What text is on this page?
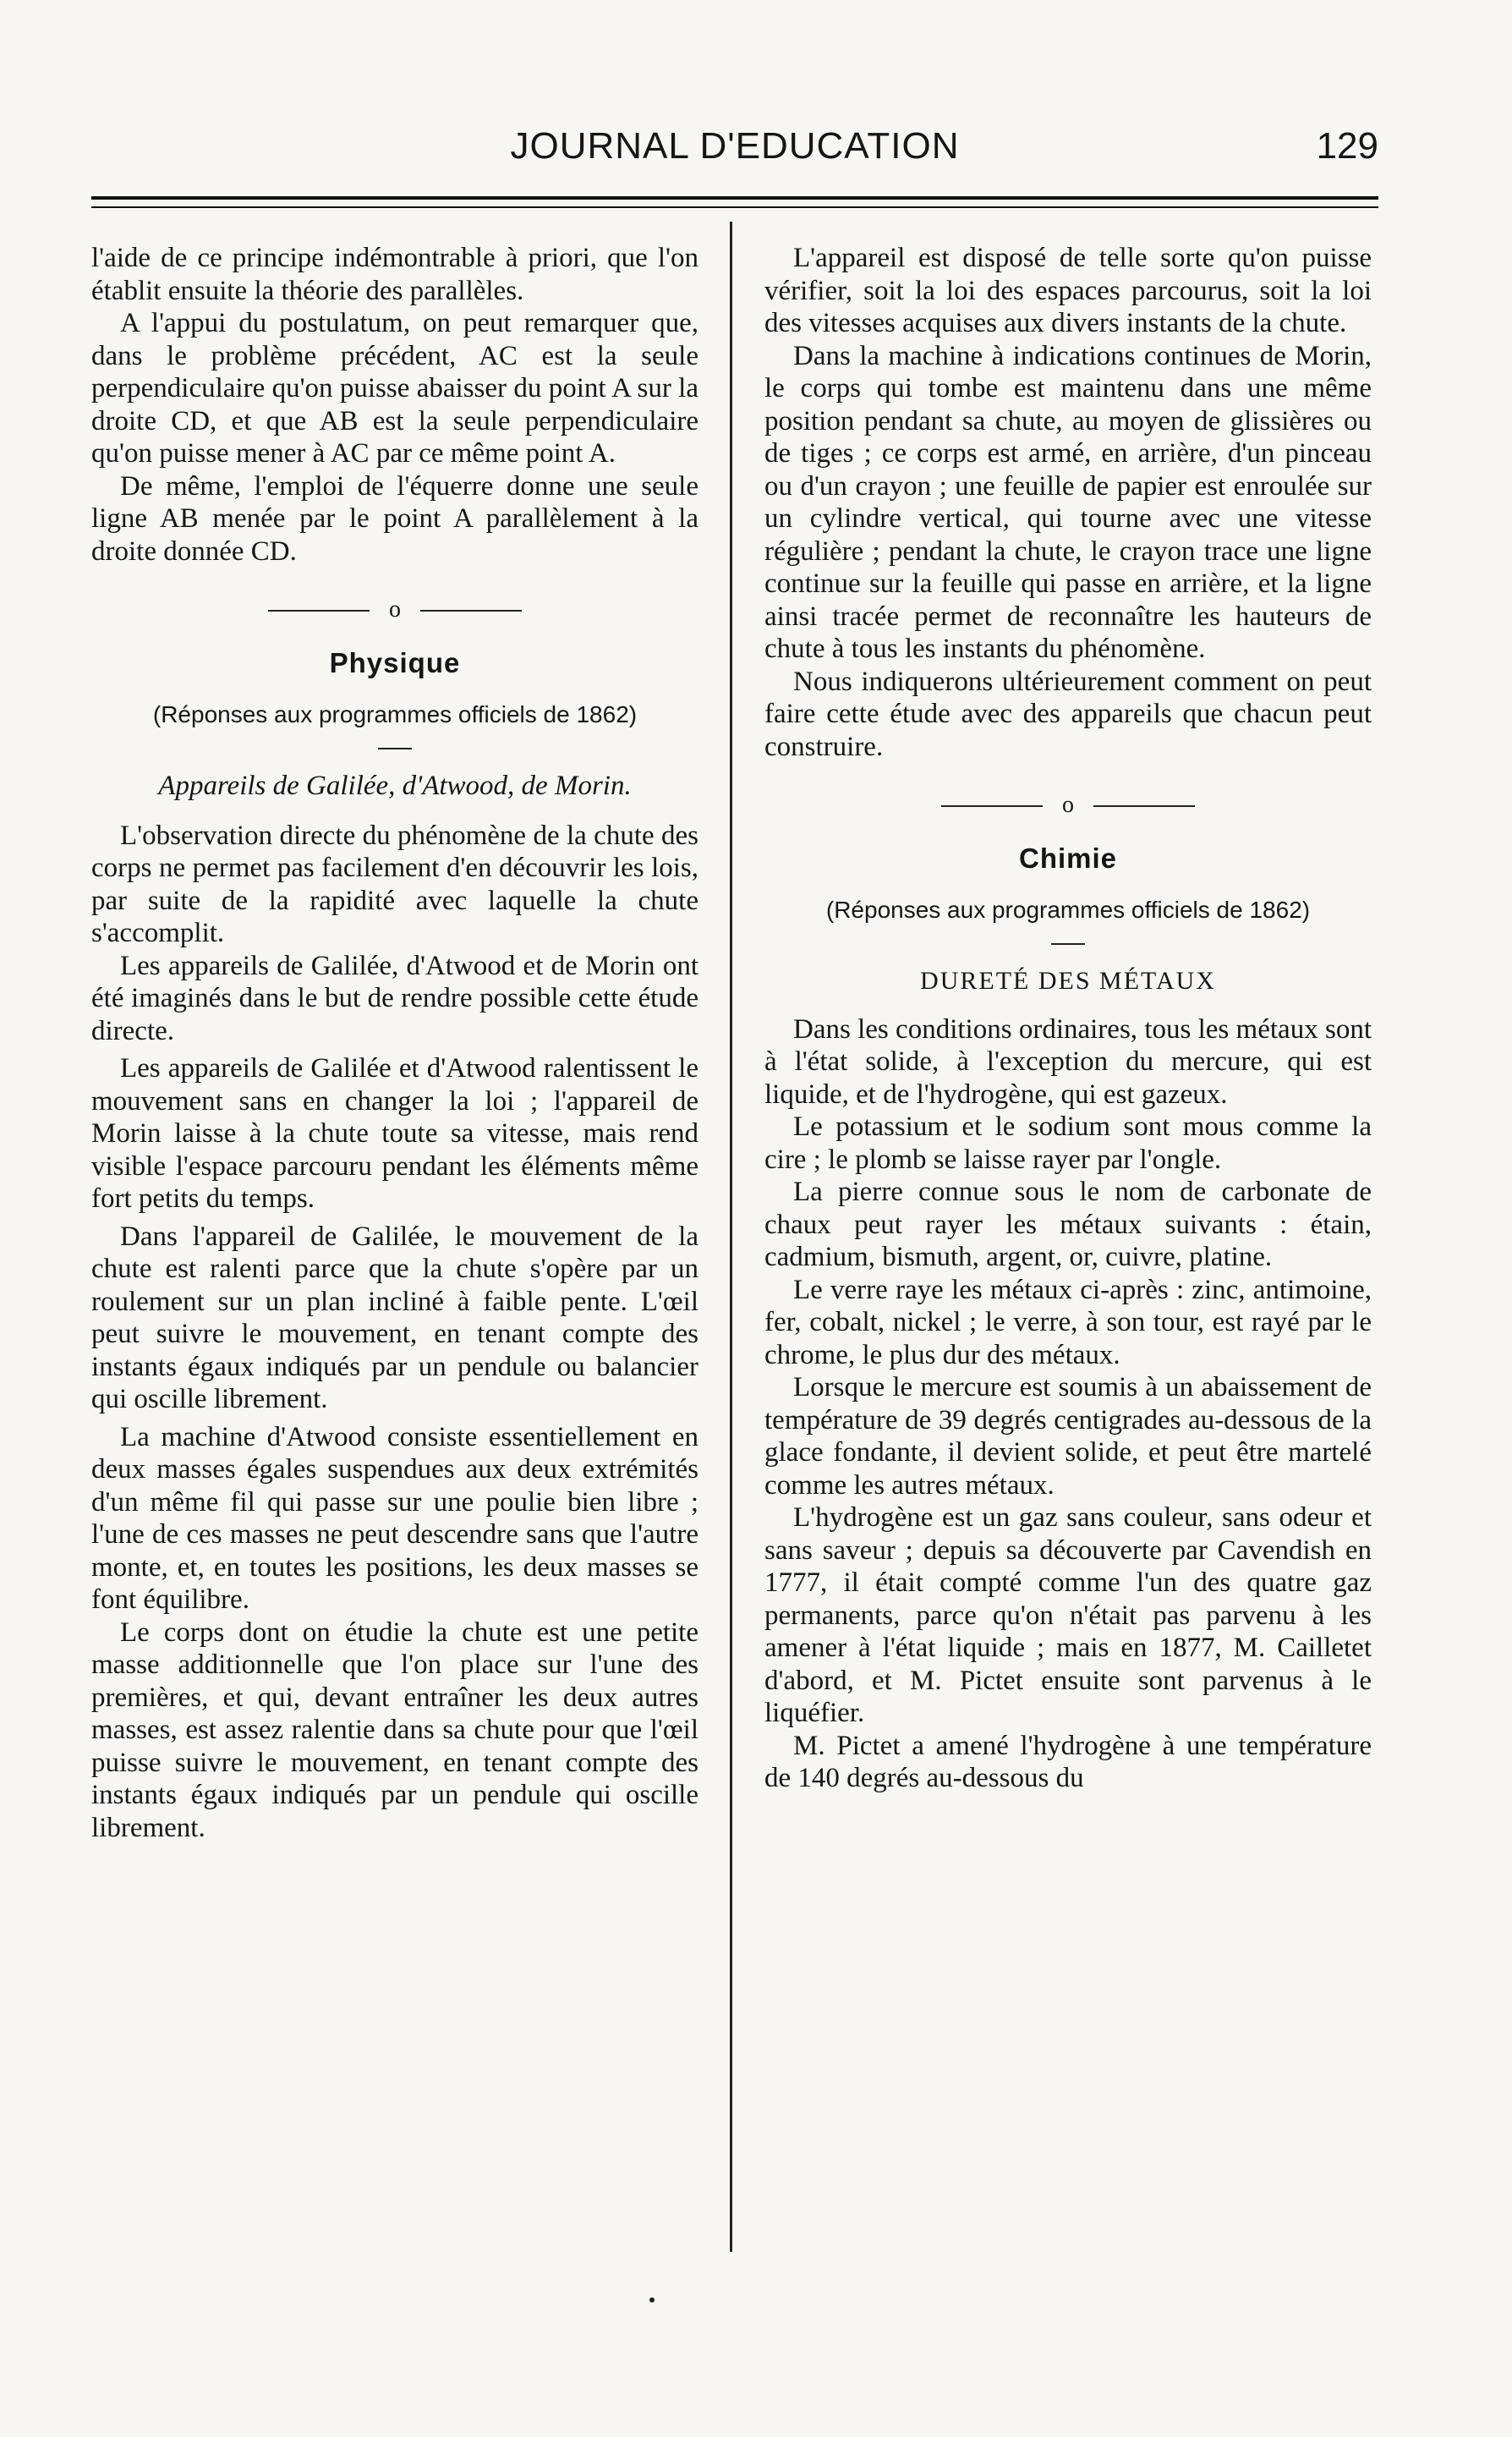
JOURNAL D'EDUCATION	129

l'aide de ce principe indémontrable à priori, que l'on établit ensuite la théorie des parallèles.

A l'appui du postulatum, on peut remarquer que, dans le problème précédent, AC est la seule perpendiculaire qu'on puisse abaisser du point A sur la droite CD, et que AB est la seule perpendiculaire qu'on puisse mener à AC par ce même point A.

De même, l'emploi de l'équerre donne une seule ligne AB menée par le point A parallèlement à la droite donnée CD.

o
Physique
(Réponses aux programmes officiels de 1862)
Appareils de Galilée, d'Atwood, de Morin.

L'observation directe du phénomène de la chute des corps ne permet pas facilement d'en découvrir les lois, par suite de la rapidité avec laquelle la chute s'accomplit.

Les appareils de Galilée, d'Atwood et de Morin ont été imaginés dans le but de rendre possible cette étude directe.

Les appareils de Galilée et d'Atwood ralentissent le mouvement sans en changer la loi ; l'appareil de Morin laisse à la chute toute sa vitesse, mais rend visible l'espace parcouru pendant les éléments même fort petits du temps.

Dans l'appareil de Galilée, le mouvement de la chute est ralenti parce que la chute s'opère par un roulement sur un plan incliné à faible pente. L'œil peut suivre le mouvement, en tenant compte des instants égaux indiqués par un pendule ou balancier qui oscille librement.

La machine d'Atwood consiste essentiellement en deux masses égales suspendues aux deux extrémités d'un même fil qui passe sur une poulie bien libre ; l'une de ces masses ne peut descendre sans que l'autre monte, et, en toutes les positions, les deux masses se font équilibre.

Le corps dont on étudie la chute est une petite masse additionnelle que l'on place sur l'une des premières, et qui, devant entraîner les deux autres masses, est assez ralentie dans sa chute pour que l'œil puisse suivre le mouvement, en tenant compte des instants égaux indiqués par un pendule qui oscille librement.

L'appareil est disposé de telle sorte qu'on puisse vérifier, soit la loi des espaces parcourus, soit la loi des vitesses acquises aux divers instants de la chute.

Dans la machine à indications continues de Morin, le corps qui tombe est maintenu dans une même position pendant sa chute, au moyen de glissières ou de tiges ; ce corps est armé, en arrière, d'un pinceau ou d'un crayon ; une feuille de papier est enroulée sur un cylindre vertical, qui tourne avec une vitesse régulière ; pendant la chute, le crayon trace une ligne continue sur la feuille qui passe en arrière, et la ligne ainsi tracée permet de reconnaître les hauteurs de chute à tous les instants du phénomène.

Nous indiquerons ultérieurement comment on peut faire cette étude avec des appareils que chacun peut construire.

o
Chimie
(Réponses aux programmes officiels de 1862)
DURETÉ DES MÉTAUX

Dans les conditions ordinaires, tous les métaux sont à l'état solide, à l'exception du mercure, qui est liquide, et de l'hydrogène, qui est gazeux.

Le potassium et le sodium sont mous comme la cire ; le plomb se laisse rayer par l'ongle.

La pierre connue sous le nom de carbonate de chaux peut rayer les métaux suivants : étain, cadmium, bismuth, argent, or, cuivre, platine.

Le verre raye les métaux ci-après : zinc, antimoine, fer, cobalt, nickel ; le verre, à son tour, est rayé par le chrome, le plus dur des métaux.

Lorsque le mercure est soumis à un abaissement de température de 39 degrés centigrades au-dessous de la glace fondante, il devient solide, et peut être martelé comme les autres métaux.

L'hydrogène est un gaz sans couleur, sans odeur et sans saveur ; depuis sa découverte par Cavendish en 1777, il était compté comme l'un des quatre gaz permanents, parce qu'on n'était pas parvenu à les amener à l'état liquide ; mais en 1877, M. Cailletet d'abord, et M. Pictet ensuite sont parvenus à le liquéfier.

M. Pictet a amené l'hydrogène à une température de 140 degrés au-dessous du
